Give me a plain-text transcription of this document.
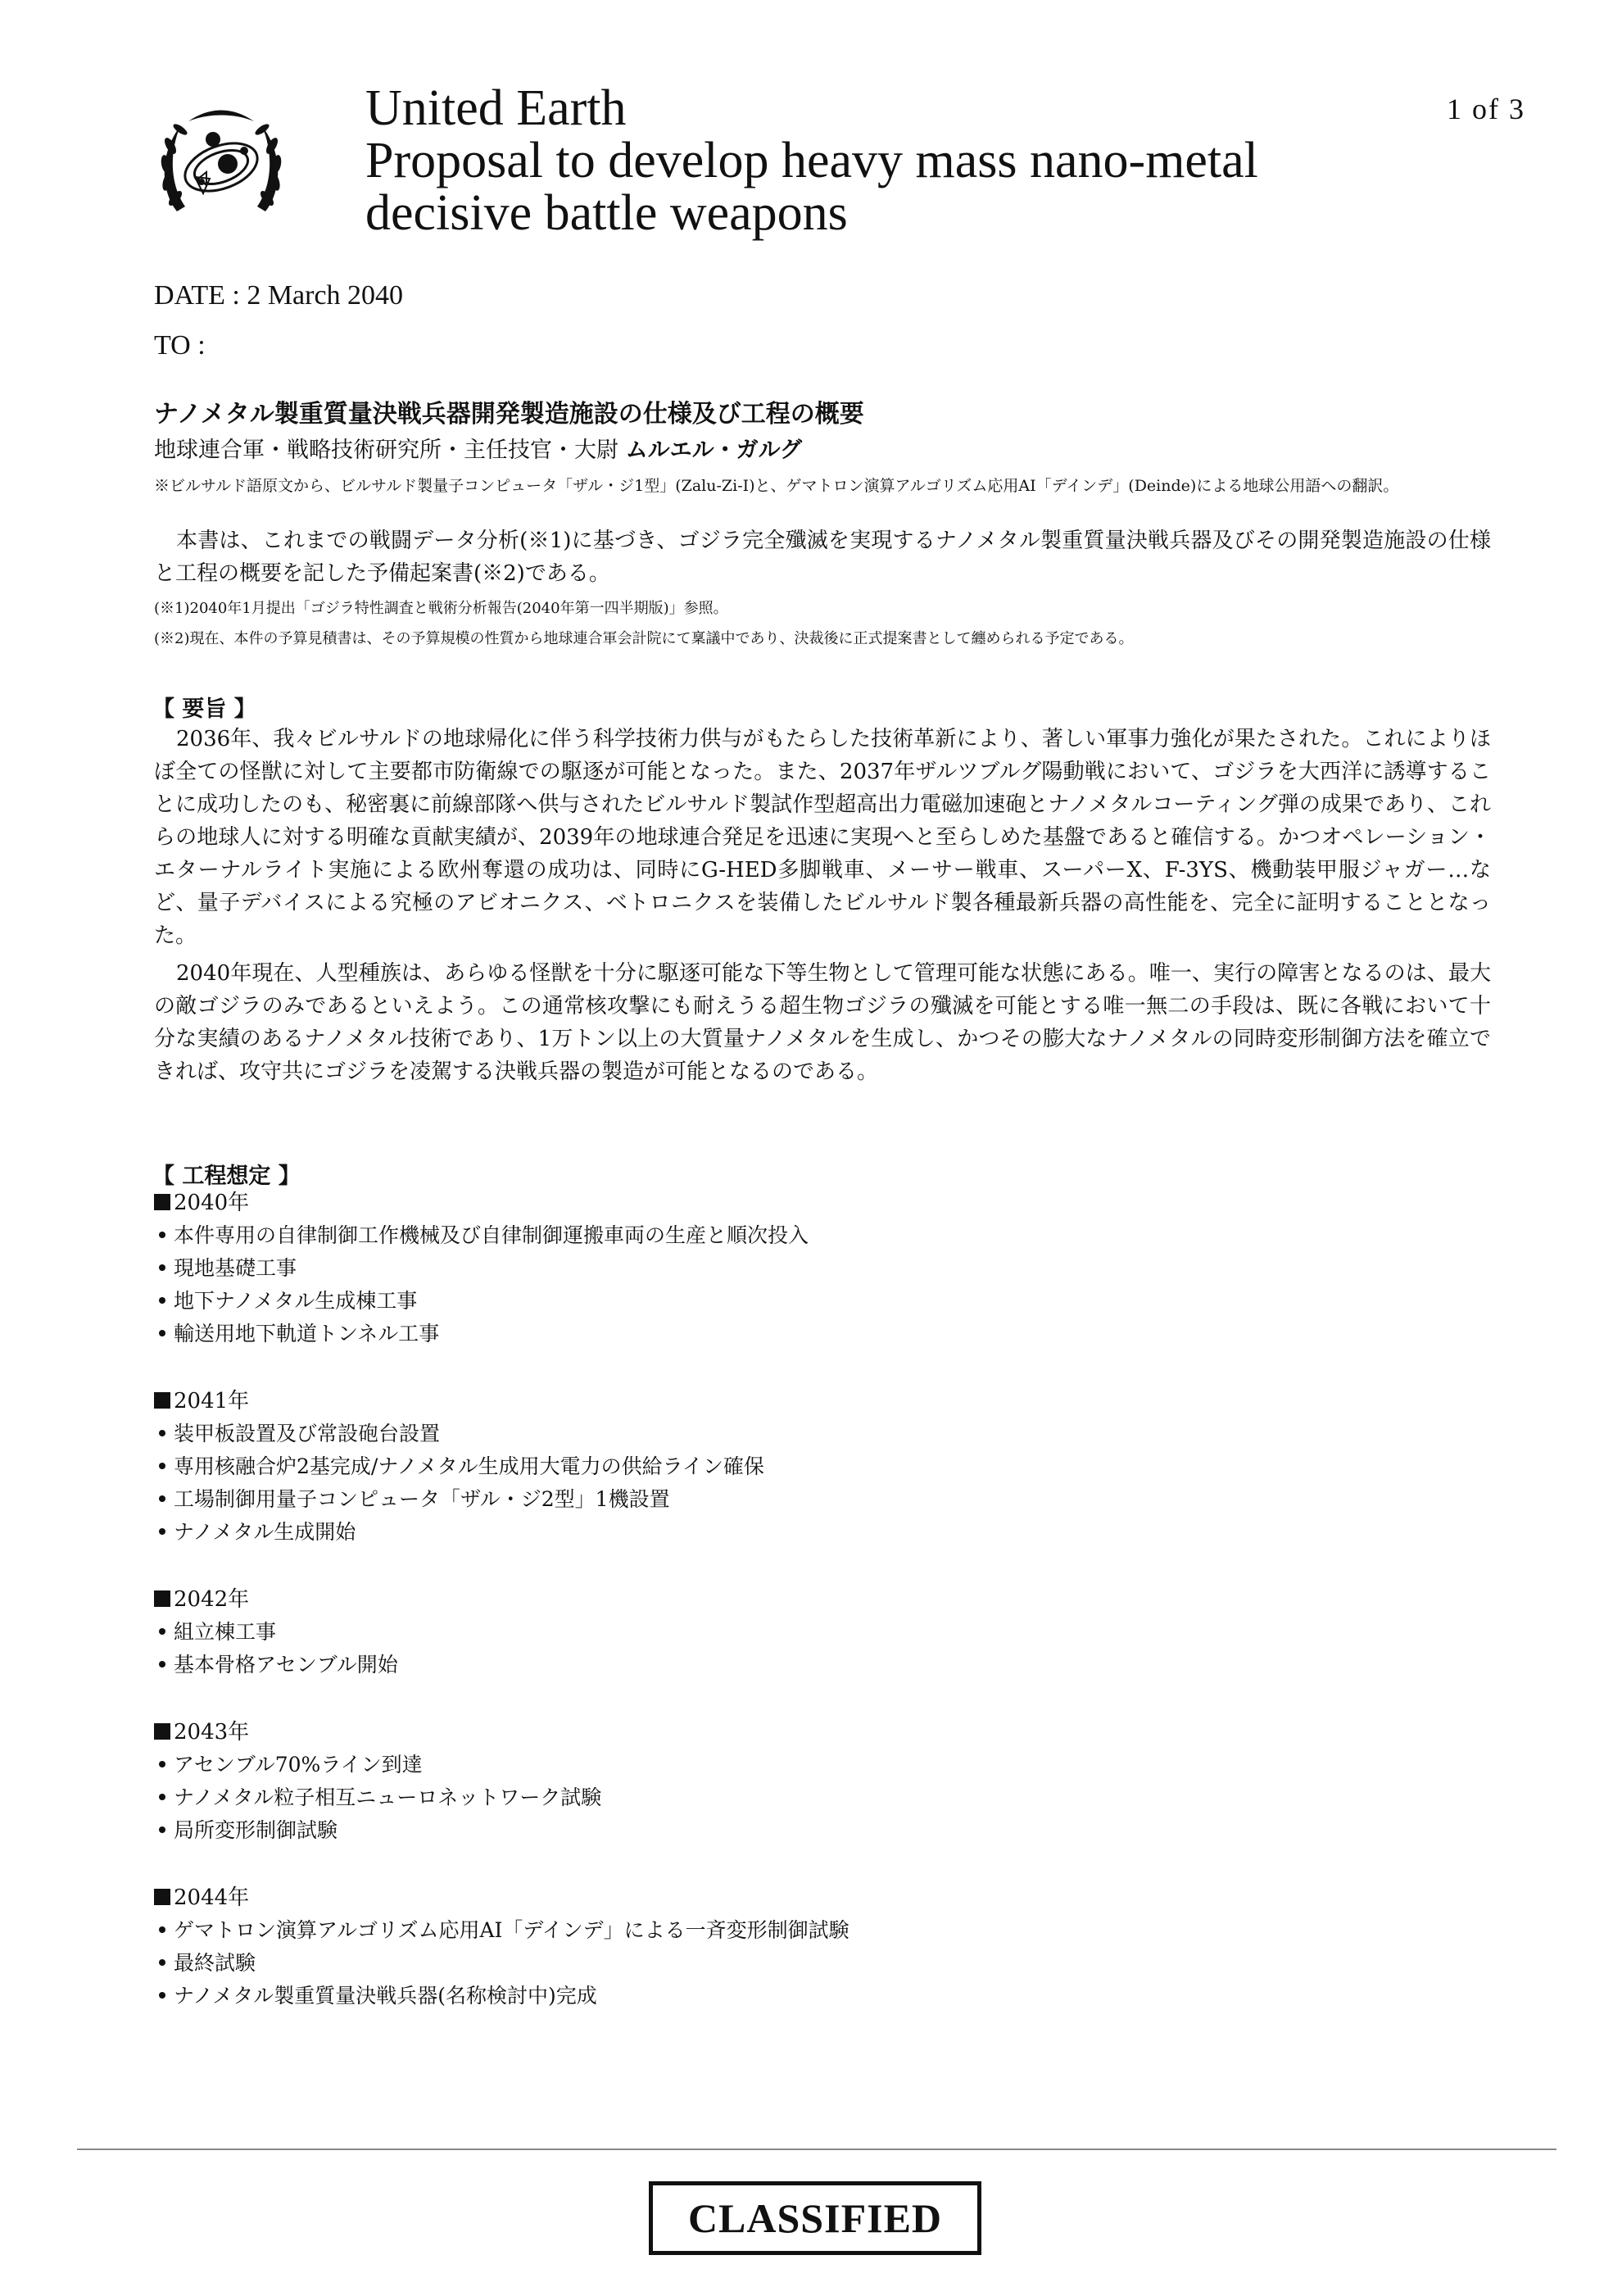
United Earth
Proposal to develop heavy mass nano-metal
decisive battle weapons
1 of 3
DATE : 2 March 2040
TO :
ナノメタル製重質量決戦兵器開発製造施設の仕様及び工程の概要
地球連合軍・戦略技術研究所・主任技官・大尉 ムルエル・ガルグ
※ビルサルド語原文から、ビルサルド製量子コンピュータ「ザル・ジ1型」(Zalu-Zi-I)と、ゲマトロン演算アルゴリズム応用AI「デインデ」(Deinde)による地球公用語への翻訳。

本書は、これまでの戦闘データ分析(※1)に基づき、ゴジラ完全殲滅を実現するナノメタル製重質量決戦兵器及びその開発製造施設の仕様と工程の概要を記した予備起案書(※2)である。

(※1)2040年1月提出「ゴジラ特性調査と戦術分析報告(2040年第一四半期版)」参照。
(※2)現在、本件の予算見積書は、その予算規模の性質から地球連合軍会計院にて稟議中であり、決裁後に正式提案書として纏められる予定である。
【 要旨 】

2036年、我々ビルサルドの地球帰化に伴う科学技術力供与がもたらした技術革新により、著しい軍事力強化が果たされた。これによりほぼ全ての怪獣に対して主要都市防衛線での駆逐が可能となった。また、2037年ザルツブルグ陽動戦において、ゴジラを大西洋に誘導することに成功したのも、秘密裏に前線部隊へ供与されたビルサルド製試作型超高出力電磁加速砲とナノメタルコーティング弾の成果であり、これらの地球人に対する明確な貢献実績が、2039年の地球連合発足を迅速に実現へと至らしめた基盤であると確信する。かつオペレーション・エターナルライト実施による欧州奪還の成功は、同時にG-HED多脚戦車、メーサー戦車、スーパーX、F-3YS、機動装甲服ジャガー…など、量子デバイスによる究極のアビオニクス、ベトロニクスを装備したビルサルド製各種最新兵器の高性能を、完全に証明することとなった。

2040年現在、人型種族は、あらゆる怪獣を十分に駆逐可能な下等生物として管理可能な状態にある。唯一、実行の障害となるのは、最大の敵ゴジラのみであるといえよう。この通常核攻撃にも耐えうる超生物ゴジラの殲滅を可能とする唯一無二の手段は、既に各戦において十分な実績のあるナノメタル技術であり、1万トン以上の大質量ナノメタルを生成し、かつその膨大なナノメタルの同時変形制御方法を確立できれば、攻守共にゴジラを凌駕する決戦兵器の製造が可能となるのである。

【 工程想定 】
2040年
本件専用の自律制御工作機械及び自律制御運搬車両の生産と順次投入
現地基礎工事
地下ナノメタル生成棟工事
輸送用地下軌道トンネル工事
2041年
装甲板設置及び常設砲台設置
専用核融合炉2基完成/ナノメタル生成用大電力の供給ライン確保
工場制御用量子コンピュータ「ザル・ジ2型」1機設置
ナノメタル生成開始
2042年
組立棟工事
基本骨格アセンブル開始
2043年
アセンブル70%ライン到達
ナノメタル粒子相互ニューロネットワーク試験
局所変形制御試験
2044年
ゲマトロン演算アルゴリズム応用AI「デインデ」による一斉変形制御試験
最終試験
ナノメタル製重質量決戦兵器(名称検討中)完成
CLASSIFIED
